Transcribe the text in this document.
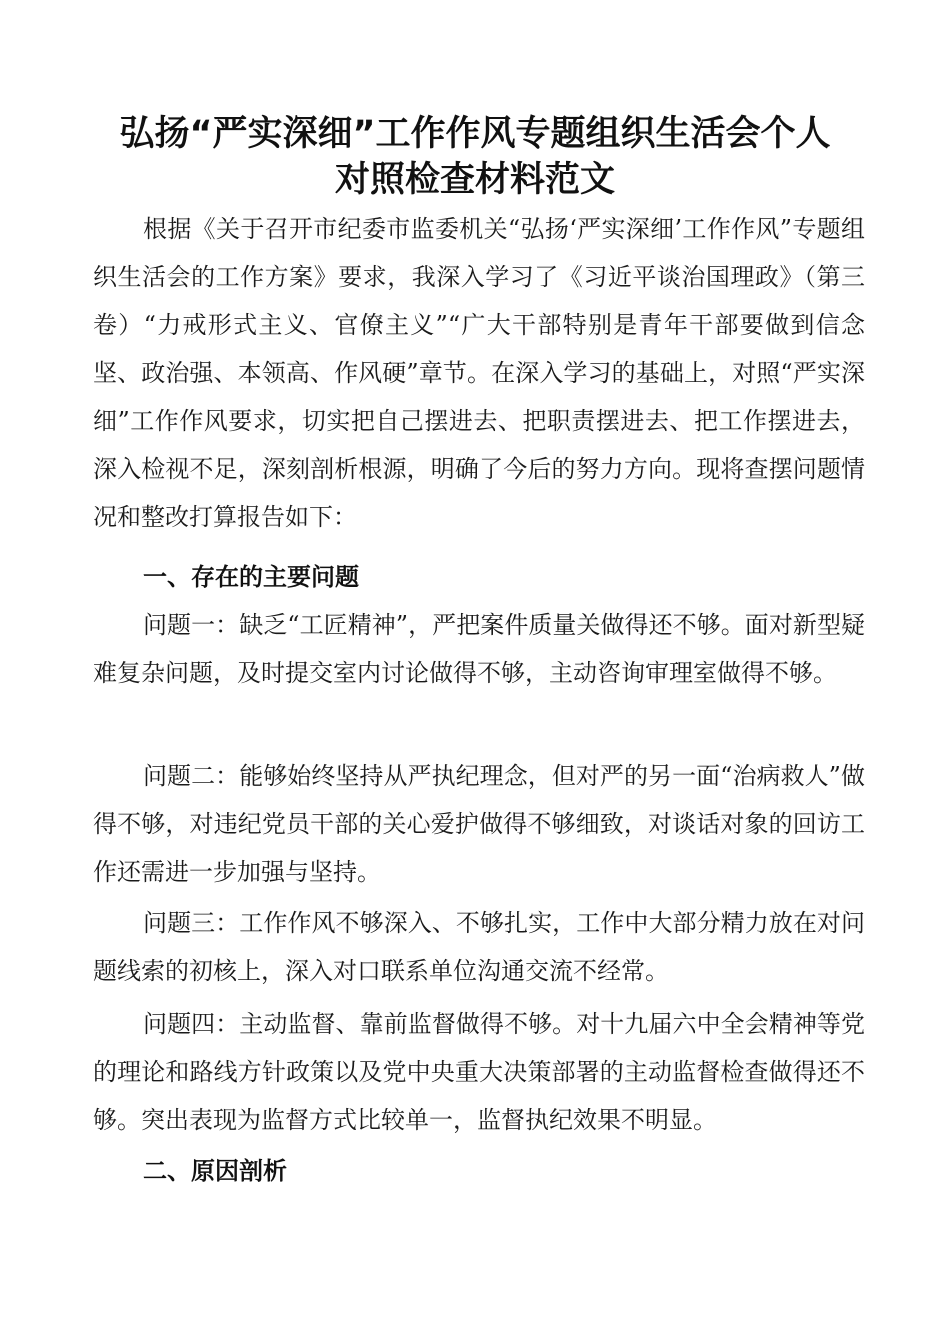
弘扬“严实深细”工作作风专题组织生活会个人
对照检查材料范文

根据《关于召开市纪委市监委机关“弘扬‘严实深细’工作作风”专题组织生活会的工作方案》要求，我深入学习了《习近平谈治国理政》（第三卷）“力戒形式主义、官僚主义”“广大干部特别是青年干部要做到信念坚、政治强、本领高、作风硬”章节。在深入学习的基础上，对照“严实深细”工作作风要求，切实把自己摆进去、把职责摆进去、把工作摆进去，深入检视不足，深刻剖析根源，明确了今后的努力方向。现将查摆问题情况和整改打算报告如下：

一、存在的主要问题

问题一：缺乏“工匠精神”，严把案件质量关做得还不够。面对新型疑难复杂问题，及时提交室内讨论做得不够，主动咨询审理室做得不够。

问题二：能够始终坚持从严执纪理念，但对严的另一面“治病救人”做得不够，对违纪党员干部的关心爱护做得不够细致，对谈话对象的回访工作还需进一步加强与坚持。

问题三：工作作风不够深入、不够扎实，工作中大部分精力放在对问题线索的初核上，深入对口联系单位沟通交流不经常。

问题四：主动监督、靠前监督做得不够。对十九届六中全会精神等党的理论和路线方针政策以及党中央重大决策部署的主动监督检查做得还不够。突出表现为监督方式比较单一，监督执纪效果不明显。

二、原因剖析
